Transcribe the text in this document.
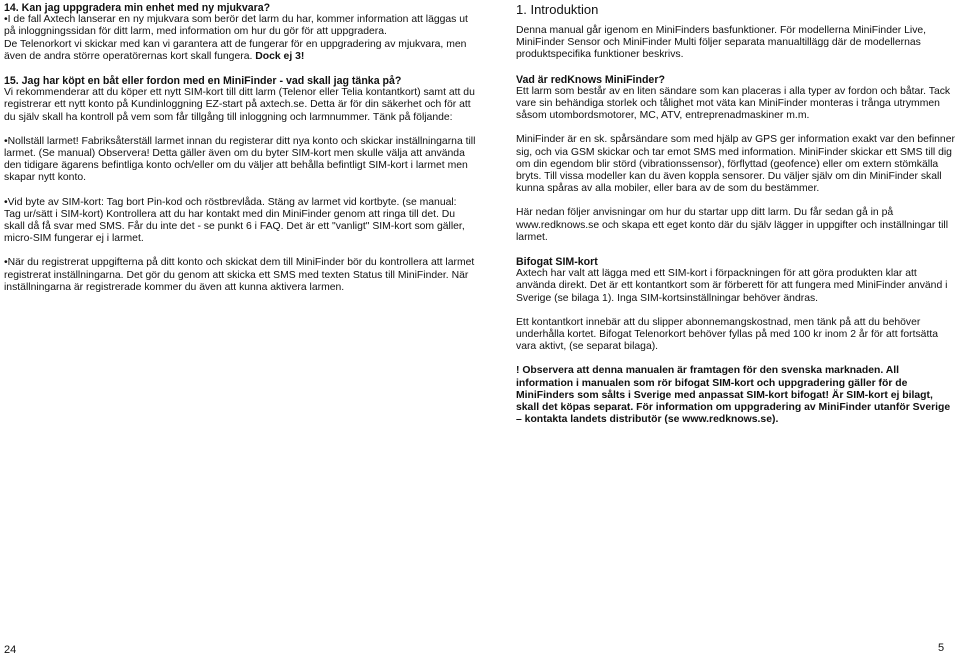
14. Kan jag uppgradera min enhet med ny mjukvara?

•I de fall Axtech lanserar en ny mjukvara som berör det larm du har, kommer information att läggas ut på inloggningssidan för ditt larm, med information om hur du gör för att uppgradera.

De Telenorkort vi skickar med kan vi garantera att de fungerar för en uppgradering av mjukvara, men även de andra större operatörernas kort skall fungera. Dock ej 3!

15. Jag har köpt en båt eller fordon med en MiniFinder - vad skall jag tänka på?

Vi rekommenderar att du köper ett nytt SIM-kort till ditt larm (Telenor eller Telia kontantkort) samt att du registrerar ett nytt konto på Kundinloggning EZ-start på axtech.se. Detta är för din säkerhet och för att du själv skall ha kontroll på vem som får tillgång till inloggning och larmnummer. Tänk på följande:

•Nollställ larmet! Fabriksåterställ larmet innan du registerar ditt nya konto och skickar inställningarna till larmet. (Se manual) Observera! Detta gäller även om du byter SIM-kort men skulle välja att använda den tidigare ägarens befintliga konto och/eller om du väljer att behålla befintligt SIM-kort i larmet men skapar nytt konto.

•Vid byte av SIM-kort: Tag bort Pin-kod och röstbrevlåda. Stäng av larmet vid kortbyte. (se manual: Tag ur/sätt i SIM-kort) Kontrollera att du har kontakt med din MiniFinder genom att ringa till det. Du skall då få svar med SMS. Får du inte det - se punkt 6 i FAQ. Det är ett "vanligt" SIM-kort som gäller, micro-SIM fungerar ej i larmet.

•När du registrerat uppgifterna på ditt konto och skickat dem till MiniFinder bör du kontrollera att larmet registrerat inställningarna. Det gör du genom att skicka ett SMS med texten Status till MiniFinder. När inställningarna är registrerade kommer du även att kunna aktivera larmen.

1. Introduktion

Denna manual går igenom en MiniFinders basfunktioner. För modellerna MiniFinder Live, MiniFinder Sensor och MiniFinder Multi följer separata manualtillägg där de modellernas produktspecifika funktioner beskrivs.

Vad är redKnows MiniFinder?

Ett larm som består av en liten sändare som kan placeras i alla typer av fordon och båtar. Tack vare sin behändiga storlek och tålighet mot väta kan MiniFinder monteras i trånga utrymmen såsom utombordsmotorer, MC, ATV, entreprenadmaskiner m.m.

MiniFinder är en sk. spårsändare som med hjälp av GPS ger information exakt var den befinner sig, och via GSM skickar och tar emot SMS med information. MiniFinder skickar ett SMS till dig om din egendom blir störd (vibrationssensor), förflyttad (geofence) eller om extern stömkälla bryts. Till vissa modeller kan du även koppla sensorer. Du väljer själv om din MiniFinder skall kunna spåras av alla mobiler, eller bara av de som du bestämmer.

Här nedan följer anvisningar om hur du startar upp ditt larm. Du får sedan gå in på www.redknows.se och skapa ett eget konto där du själv lägger in uppgifter och inställningar till larmet.

Bifogat SIM-kort

Axtech har valt att lägga med ett SIM-kort i förpackningen för att göra produkten klar att använda direkt. Det är ett kontantkort som är förberett för att fungera med MiniFinder använd i Sverige (se bilaga 1). Inga SIM-kortsinställningar behöver ändras.

Ett kontantkort innebär att du slipper abonnemangskostnad, men tänk på att du behöver underhålla kortet. Bifogat Telenorkort behöver fyllas på med 100 kr inom 2 år för att fortsätta vara aktivt, (se separat bilaga).

! Observera att denna manualen är framtagen för den svenska marknaden. All information i manualen som rör bifogat SIM-kort och uppgradering gäller för de MiniFinders som sålts i Sverige med anpassat SIM-kort bifogat! Är SIM-kort ej bilagt, skall det köpas separat. För information om uppgradering av MiniFinder utanför Sverige – kontakta landets distributör (se www.redknows.se).

24	5
